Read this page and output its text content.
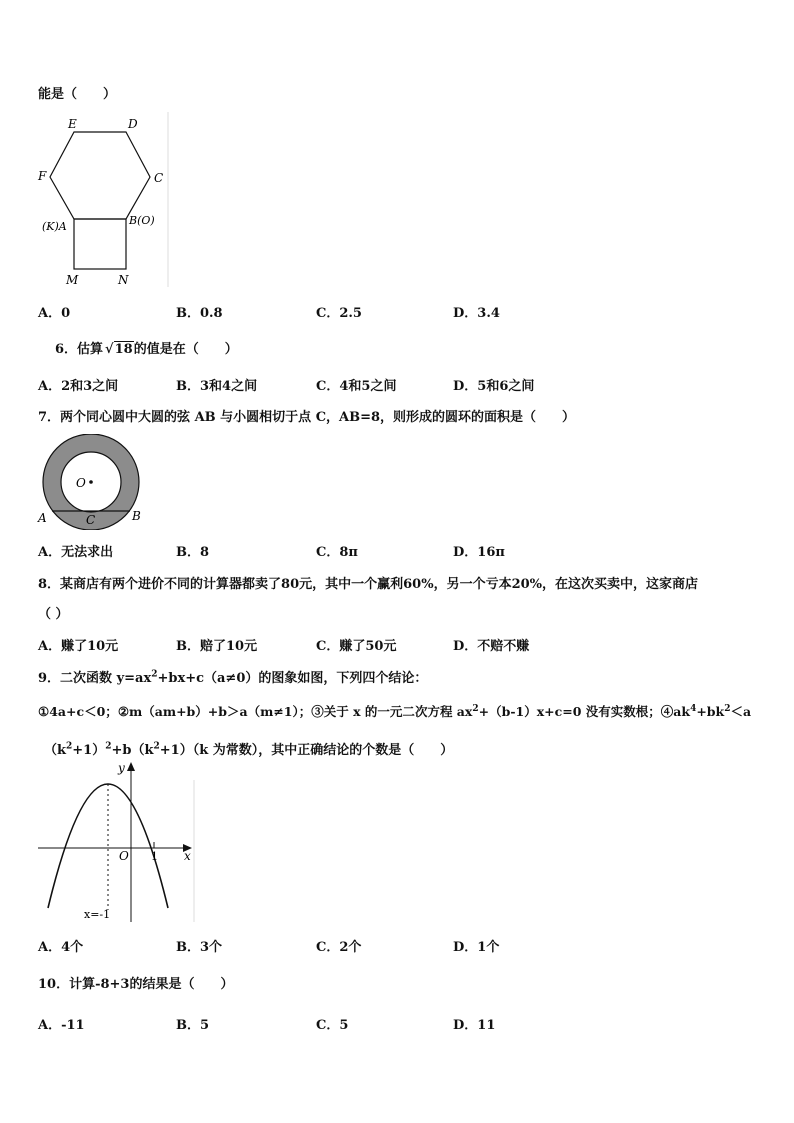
能是（　　）
E	D
F	C
(K)A	B(O)
M	N
A．0	B．0.8	C．2.5	D．3.4
6．估算 √18的值是在（　　）
A．2和3之间	B．3和4之间	C．4和5之间	D．5和6之间
7．两个同心圆中大圆的弦 AB 与小圆相切于点 C，AB=8，则形成的圆环的面积是（　　）
O
A	B
C
A．无法求出	B．8	C．8π	D．16π
8．某商店有两个进价不同的计算器都卖了80元，其中一个赢利60%，另一个亏本20%，在这次买卖中，这家商店
（ ）
A．赚了10元	B．赔了10元	C．赚了50元	D．不赔不赚
9．二次函数 $y=ax^2+bx+c(a\ne 0)$的图象如图，下列四个结论：
①4a+c＜0；②m（am+b）+b＞a（m≠1）；③关于 x 的一元二次方程 $ax^2+(b-1)x+c=0$ 没有实数根；$④ak^4+bk^2<a$
$(k^2+1)^2+b(k^2+1)(k$ 为常数），其中正确结论的个数是（　　）
y
x
O 1
x=-1
A．4个	B．3个	C．2个	D．1个
10．计算-8+3的结果是（　　）
A．-11	B．5	C．5	D．11
